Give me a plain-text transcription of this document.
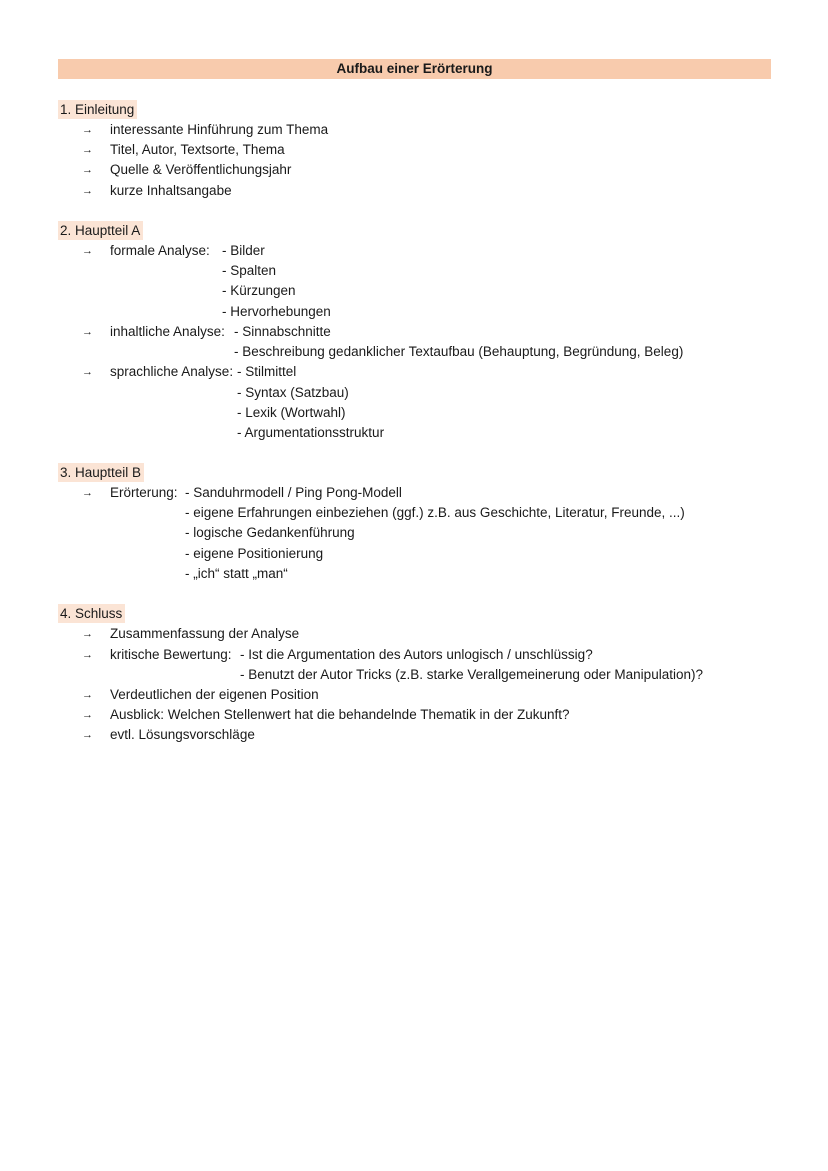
Aufbau einer Erörterung
1. Einleitung
→
interessante Hinführung zum Thema
→
Titel, Autor, Textsorte, Thema
→
Quelle & Veröffentlichungsjahr
→
kurze Inhaltsangabe
2. Hauptteil A
→
formale Analyse: - Bilder
- Spalten
- Kürzungen
- Hervorhebungen
→
inhaltliche Analyse: - Sinnabschnitte
- Beschreibung gedanklicher Textaufbau (Behauptung, Begründung, Beleg)
→
sprachliche Analyse: - Stilmittel
- Syntax (Satzbau)
- Lexik (Wortwahl)
- Argumentationsstruktur
3. Hauptteil B
→
Erörterung: - Sanduhrmodell / Ping Pong-Modell
- eigene Erfahrungen einbeziehen (ggf.) z.B. aus Geschichte, Literatur, Freunde, ...)
- logische Gedankenführung
- eigene Positionierung
- „ich“ statt „man“
4. Schluss
→
Zusammenfassung der Analyse
→
kritische Bewertung: - Ist die Argumentation des Autors unlogisch / unschlüssig?
- Benutzt der Autor Tricks (z.B. starke Verallgemeinerung oder Manipulation)?
→
Verdeutlichen der eigenen Position
→
Ausblick: Welchen Stellenwert hat die behandelnde Thematik in der Zukunft?
→
evtl. Lösungsvorschläge
